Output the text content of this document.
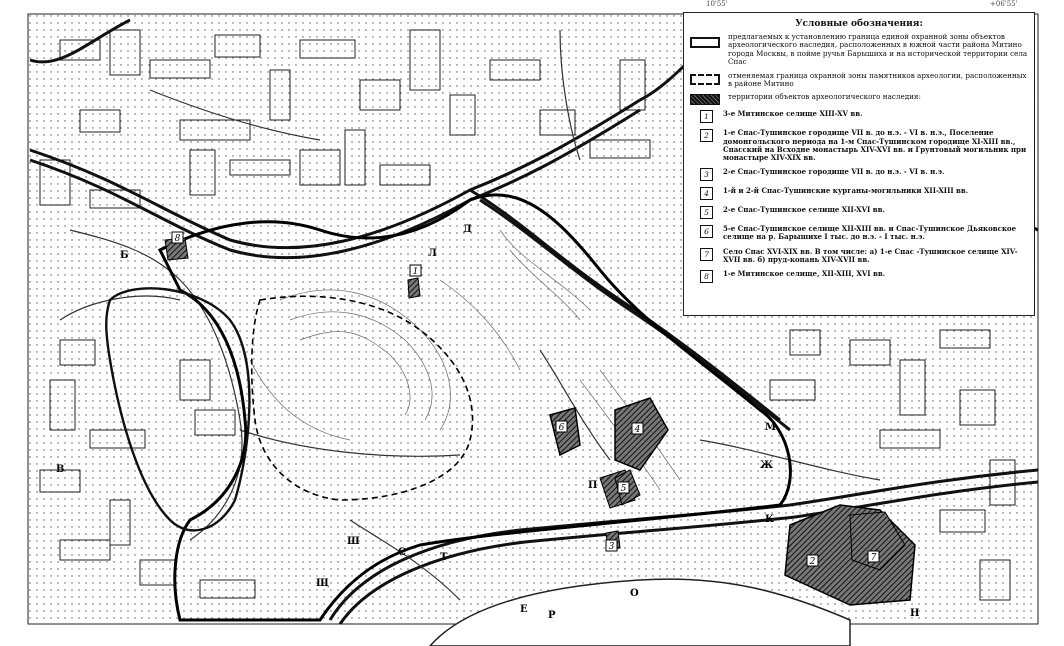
1
2
3
4
5
6
7
8
Б
В
Д
Е
Ж
К
Л
М
Н
О
П
Р
С	Т
Ш
Щ
10'55'	+06'55'
Условные обозначения:
предлагаемых к установлению граница единой охранной зоны объектов археологического наследия, расположенных в южной части района Митино города Москвы, в пойме ручья Барышиха и на исторической территории села Спас
отменяемая граница охранной зоны памятников археологии, расположенных в районе Митино
территории объектов археологического наследия:
1	3-е Митинское селище XIII-XV вв.
2	1-е Спас-Тушинское городище VII в. до н.э. - VI в. н.э., Поселение домонгольского периода на 1-м Спас-Тушинском городище XI-XIII вв., Спасский на Всходне монастырь XIV-XVI вв. и Грунтовый могильник при монастыре XIV-XIX вв.
3	2-е Спас-Тушинское городище VII в. до н.э. - VI в. н.э.
4	1-й и 2-й Спас-Тушинские курганы-могильники XII-XIII вв.
5	2-е Спас-Тушинское селище XII-XVI вв.
6	5-е Спас-Тушинское селище XII-XIII вв. и Спас-Тушинское Дьяковское селище на р. Барышихе I тыс. до н.э. - I тыс. н.э.
7	Село Спас XVI-XIX вв. В том числе: а) 1-е Спас -Тушинское селище XIV-XVII вв. б) пруд-копань XIV-XVII вв.
8	1-е Митинское селище, XII-XIII, XVI вв.
